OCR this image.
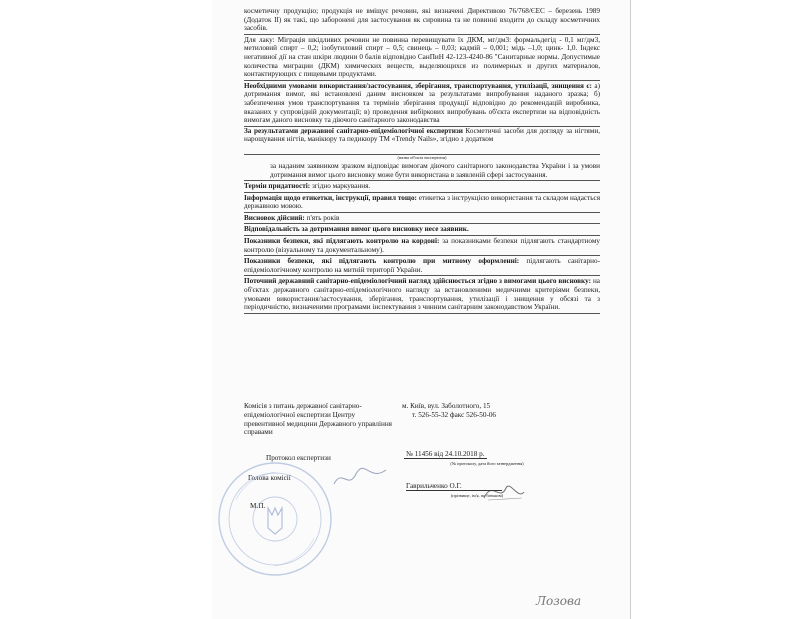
косметичну продукцію; продукція не вміщує речовин, які визначені Директивою 76/768/ЄЕС – березень 1989 (Додаток ІІ) як такі, що заборонені для застосування як сировина та не повинні входити до складу косметичних засобів.
Для лаку: Міграція шкідливих речовин не повинна перевищувати їх ДКМ, мг/дм3: формальдегід - 0,1 мг/дм3, метиловий спирт – 0,2; ізобутиловий спирт – 0,5; свинець – 0,03; кадмій – 0,001; мідь –1,0; цинк- 1,0. Індекс негативної дії на стан шкіри людини 0 балів відповідно СанПиН 42-123-4240-86 "Санитарные нормы. Допустимые количества миграции (ДКМ) химических веществ, выделяющихся из полимерных и других материалов, контактирующих с пищевыми продуктами.
Необхідними умовами використання/застосування, зберігання, транспортування, утилізації, знищення є: а) дотримання вимог, які встановлені даним висновком за результатами випробування наданого зразка; б) забезпечення умов транспортування та термінів зберігання продукції відповідно до рекомендацій виробника, вказаних у супровідній документації; в) проведення вибіркових випробувань об'єкта експертизи на відповідність вимогам даного висновку та діючого санітарного законодавства
За результатами державної санітарно-епідеміологічної експертизи Косметичні засоби для догляду за нігтями, нарощування нігтів, манікюру та педикюру ТМ «Trendy Nails», згідно з додатком
(назва об'єкта експертизи)
за наданим заявником зразком відповідає вимогам діючого санітарного законодавства України і за умови дотримання вимог цього висновку може бути використана в заявленій сфері застосування.
Термін придатності: згідно маркування.
Інформація щодо етикетки, інструкції, правил тощо: етикетка з інструкцією використання та складом надасться державною мовою.
Висновок дійсний: п'ять років
Відповідальність за дотримання вимог цього висновку несе заявник.
Показники безпеки, які підлягають контролю на кордоні: за показниками безпеки підлягають стандартному контролю (візуальному та документальному).
Показники безпеки, які підлягають контролю при митному оформленні: підлягають санітарно-епідеміологічному контролю на митній території України.
Поточний державний санітарно-епідеміологічний нагляд здійснюється згідно з вимогами цього висновку: на об'єктах державного санітарно-епідеміологічного нагляду за встановленими медичними критеріями безпеки, умовами використання/застосування, зберігання, транспортування, утилізації і знищення у обсязі та з періодичністю, визначеними програмами інспектування з чинним санітарним законодавством України.
Комісія з питань державної санітарно-епідеміологічної експертизи Центру превентивної медицини Державного управління справами
м. Київ, вул. Заболотного, 15
т. 526-55-32 факс 526-50-06
Протокол експертизи	№ 11456 від 24.10.2018 р.
(№ протоколу, дата його затвердження)
Голова комісії
М.П.
Гаврильченко О.Г.
(прізвище, ім'я, по батькові)
Лозова
